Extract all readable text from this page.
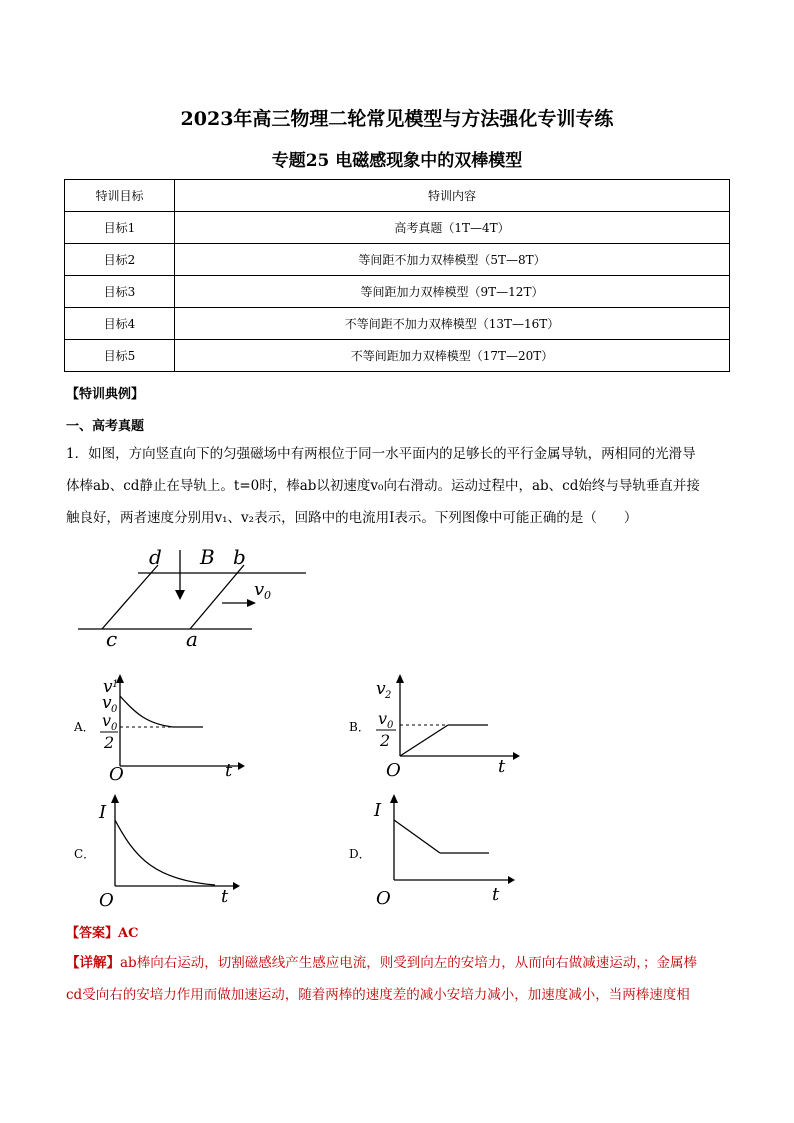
2023年高三物理二轮常见模型与方法强化专训专练
专题25 电磁感现象中的双棒模型
特训目标	特训内容
目标1	高考真题（1T—4T）
目标2	等间距不加力双棒模型（5T—8T）
目标3	等间距加力双棒模型（9T—12T）
目标4	不等间距不加力双棒模型（13T—16T）
目标5	不等间距加力双棒模型（17T—20T）
【特训典例】
一、高考真题
1．如图，方向竖直向下的匀强磁场中有两根位于同一水平面内的足够长的平行金属导轨，两相同的光滑导
体棒ab、cd静止在导轨上。t=0时，棒ab以初速度v₀向右滑动。运动过程中，ab、cd始终与导轨垂直并接
触良好，两者速度分别用v₁、v₂表示，回路中的电流用I表示。下列图像中可能正确的是（　　）
d B b
v 0
c	a
A．
v 1
v 0
v 0
2
O	t
B．
v 2
v 0
2
O	t
C．
I
O	t
D．
I
O	t
【答案】AC
【详解】ab棒向右运动，切割磁感线产生感应电流，则受到向左的安培力，从而向右做减速运动，；金属棒
cd受向右的安培力作用而做加速运动，随着两棒的速度差的减小安培力减小，加速度减小，当两棒速度相
